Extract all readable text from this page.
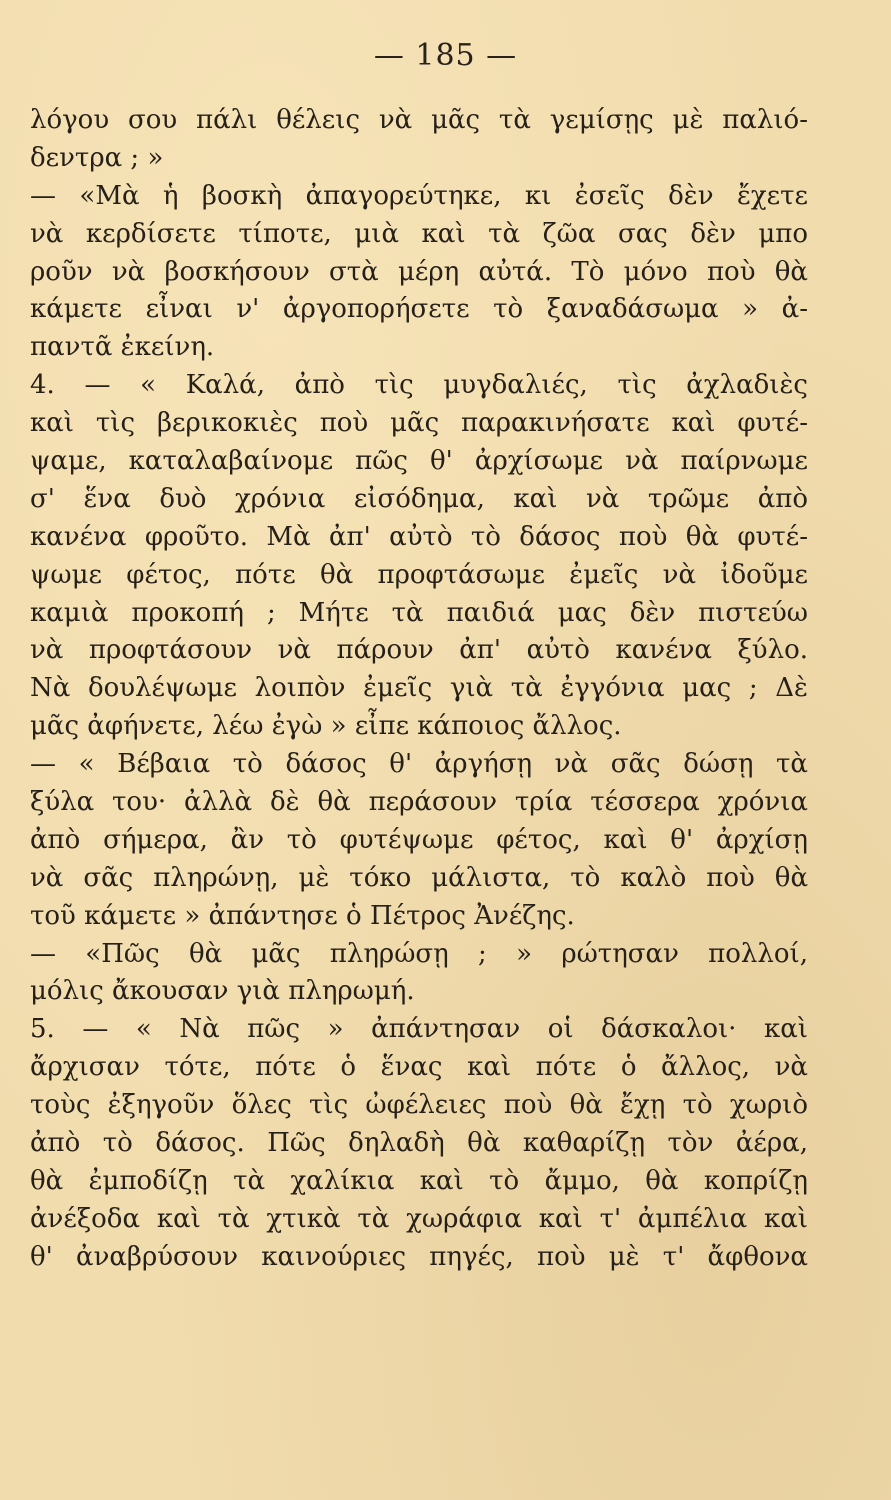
— 185 —
λόγου σου πάλι θέλεις νὰ μᾶς τὰ γεμίσῃς μὲ παλιό-
δεντρα ; »
— «Μὰ ἡ βοσκὴ ἀπαγορεύτηκε, κι ἐσεῖς δὲν ἔχετε
νὰ κερδίσετε τίποτε, μιὰ καὶ τὰ ζῶα σας δὲν μπο
ροῦν νὰ βοσκήσουν στὰ μέρη αὐτά. Τὸ μόνο ποὺ θὰ
κάμετε εἶναι ν' ἀργοπορήσετε τὸ ξαναδάσωμα » ἀ-
παντᾶ ἐκείνη.
4. — « Καλά, ἀπὸ τὶς μυγδαλιές, τὶς ἀχλαδιὲς
καὶ τὶς βερικοκιὲς ποὺ μᾶς παρακινήσατε καὶ φυτέ-
ψαμε, καταλαβαίνομε πῶς θ' ἀρχίσωμε νὰ παίρνωμε
σ' ἕνα δυὸ χρόνια εἰσόδημα, καὶ νὰ τρῶμε ἀπὸ
κανένα φροῦτο. Μὰ ἀπ' αὐτὸ τὸ δάσος ποὺ θὰ φυτέ-
ψωμε φέτος, πότε θὰ προφτάσωμε ἐμεῖς νὰ ἰδοῦμε
καμιὰ προκοπή ; Μήτε τὰ παιδιά μας δὲν πιστεύω
νὰ προφτάσουν νὰ πάρουν ἀπ' αὐτὸ κανένα ξύλο.
Νὰ δουλέψωμε λοιπὸν ἐμεῖς γιὰ τὰ ἐγγόνια μας ; Δὲ
μᾶς ἀφήνετε, λέω ἐγὼ » εἶπε κάποιος ἄλλος.
— « Βέβαια τὸ δάσος θ' ἀργήσῃ νὰ σᾶς δώσῃ τὰ
ξύλα του· ἀλλὰ δὲ θὰ περάσουν τρία τέσσερα χρόνια
ἀπὸ σήμερα, ἂν τὸ φυτέψωμε φέτος, καὶ θ' ἀρχίσῃ
νὰ σᾶς πληρώνῃ, μὲ τόκο μάλιστα, τὸ καλὸ ποὺ θὰ
τοῦ κάμετε » ἀπάντησε ὁ Πέτρος Ἀνέζης.
— «Πῶς θὰ μᾶς πληρώσῃ ; » ρώτησαν πολλοί,
μόλις ἄκουσαν γιὰ πληρωμή.
5. — « Νὰ πῶς » ἀπάντησαν οἱ δάσκαλοι· καὶ
ἄρχισαν τότε, πότε ὁ ἕνας καὶ πότε ὁ ἄλλος, νὰ
τοὺς ἐξηγοῦν ὅλες τὶς ὠφέλειες ποὺ θὰ ἔχῃ τὸ χωριὸ
ἀπὸ τὸ δάσος. Πῶς δηλαδὴ θὰ καθαρίζῃ τὸν ἀέρα,
θὰ ἐμποδίζῃ τὰ χαλίκια καὶ τὸ ἄμμο, θὰ κοπρίζῃ
ἀνέξοδα καὶ τὰ χτικὰ τὰ χωράφια καὶ τ' ἀμπέλια καὶ
θ' ἀναβρύσουν καινούριες πηγές, ποὺ μὲ τ' ἄφθονα
